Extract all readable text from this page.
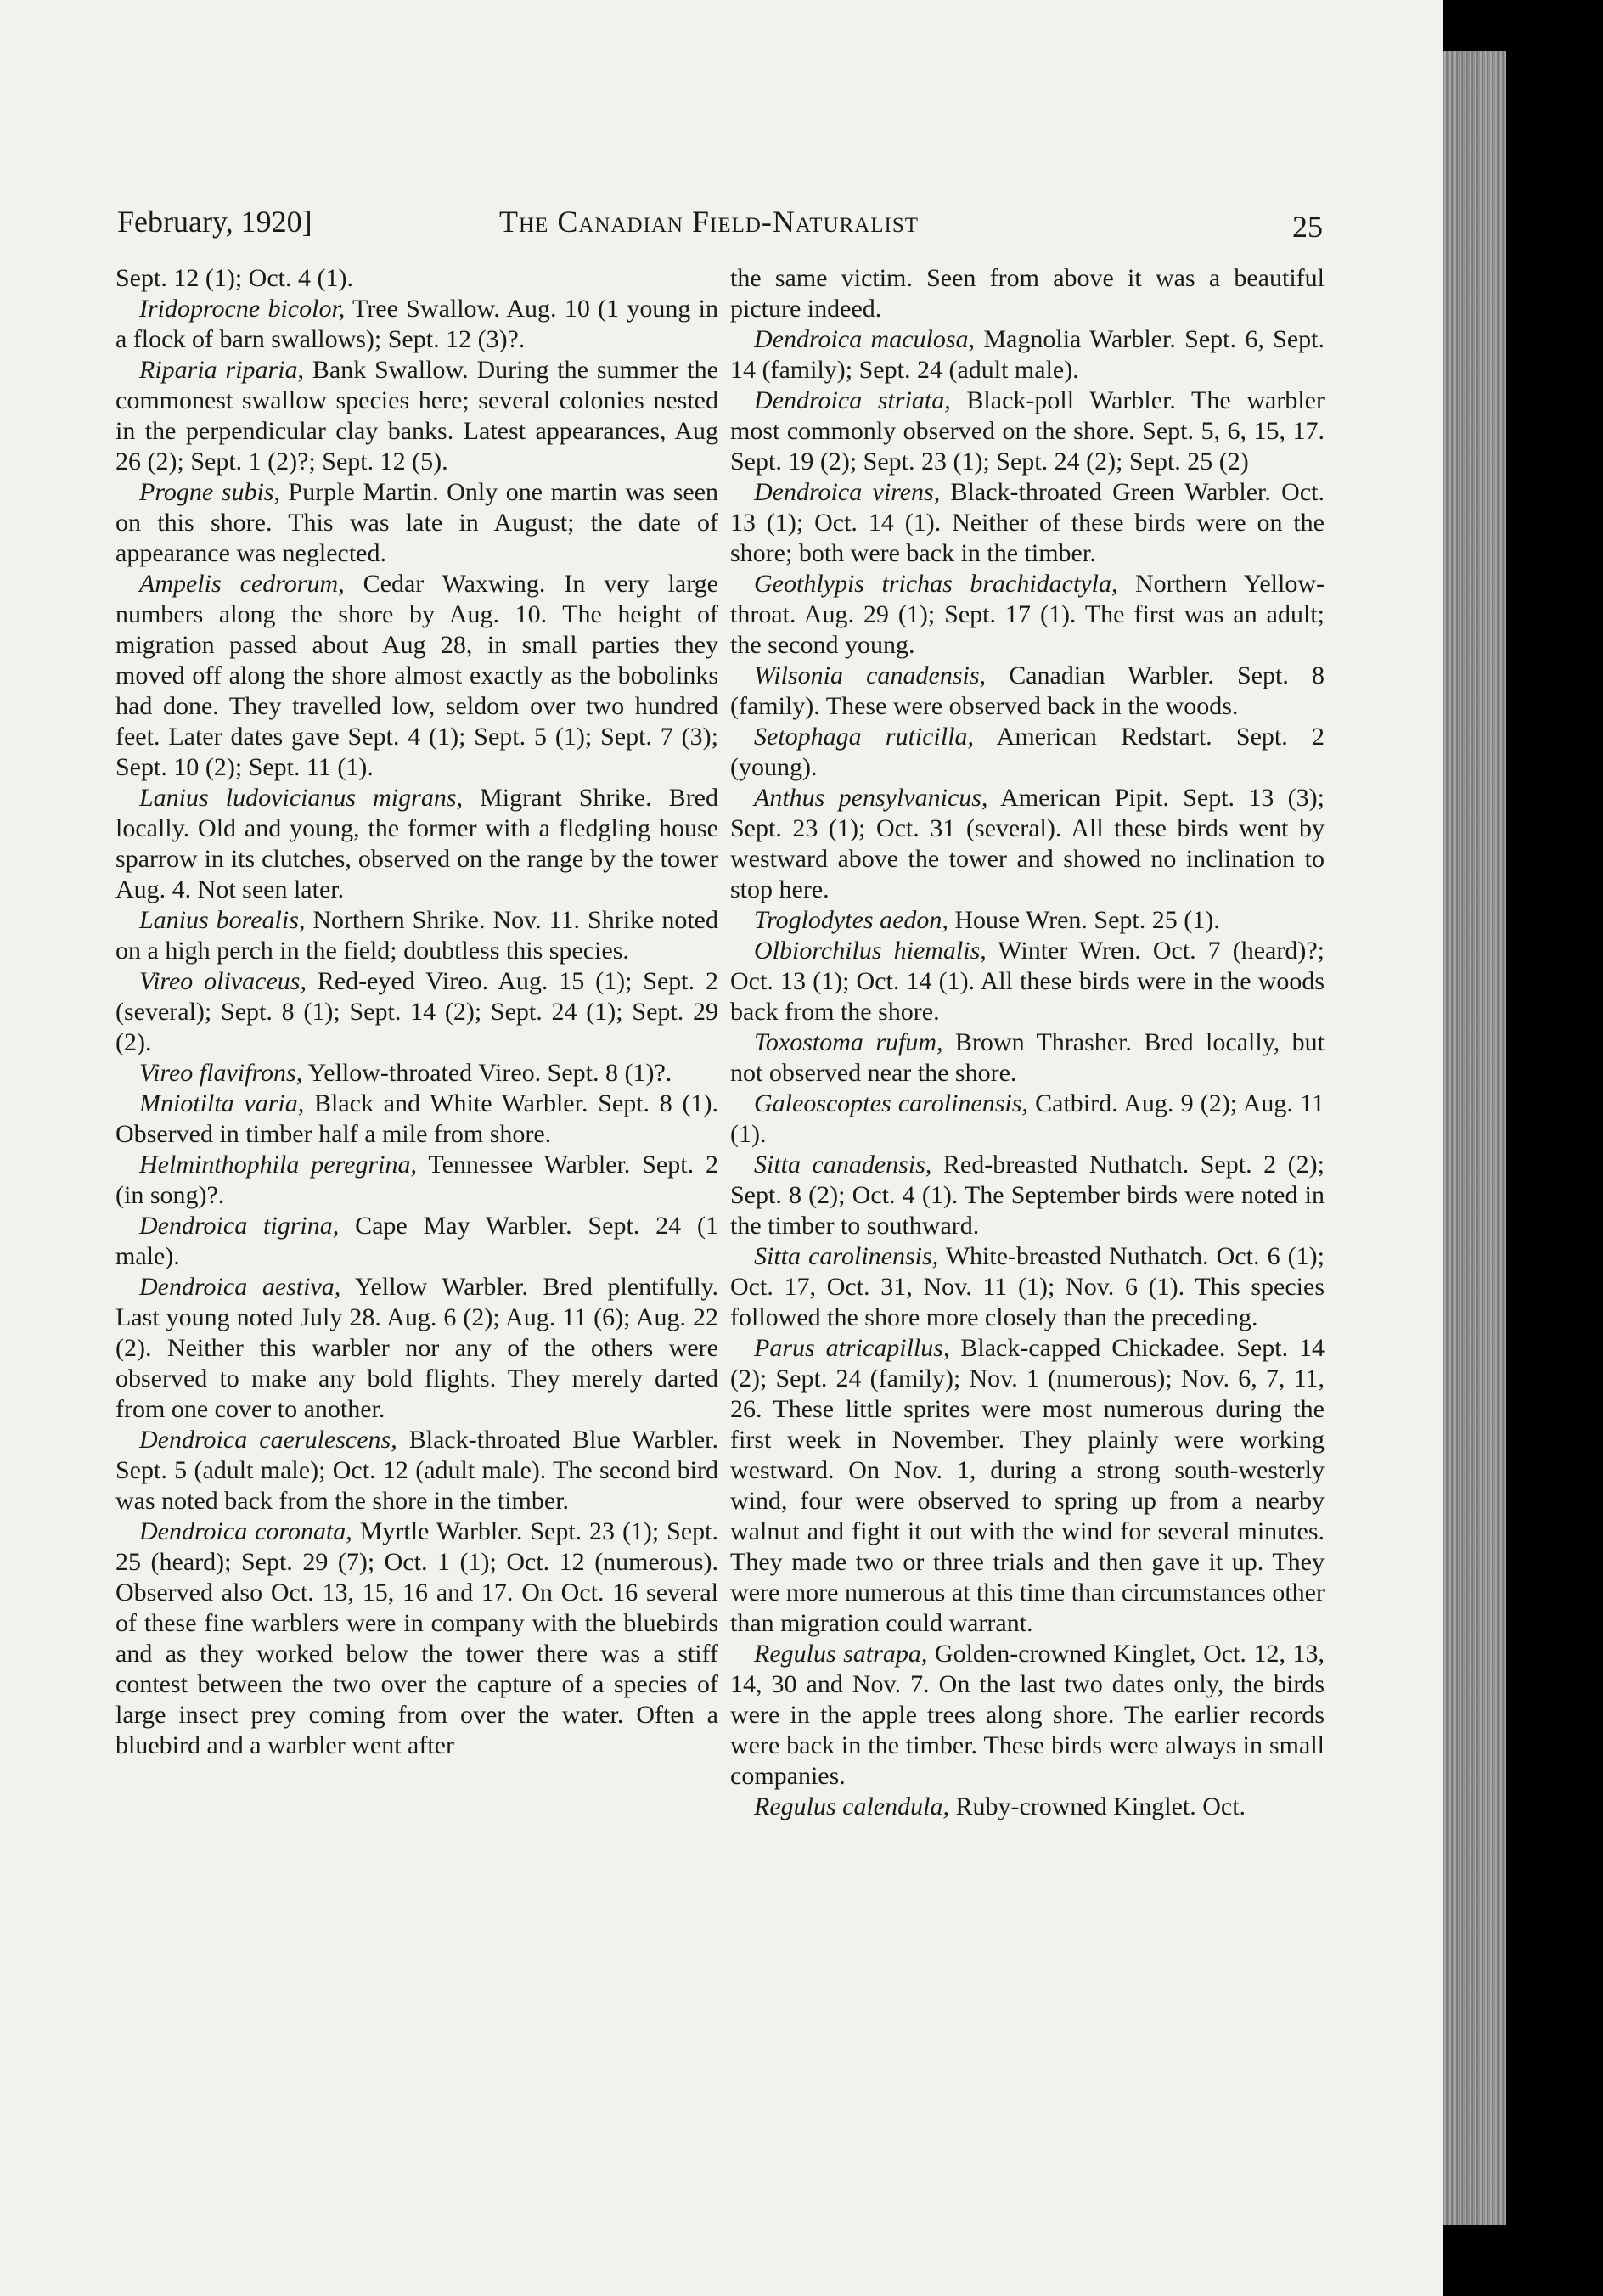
February, 1920]	The Canadian Field-Naturalist	25

Sept. 12 (1); Oct. 4 (1).

Iridoprocne bicolor, Tree Swallow. Aug. 10 (1 young in a flock of barn swallows); Sept. 12 (3)?.

Riparia riparia, Bank Swallow. During the summer the commonest swallow species here; several colonies nested in the perpendicular clay banks. Latest appearances, Aug 26 (2); Sept. 1 (2)?; Sept. 12 (5).

Progne subis, Purple Martin. Only one martin was seen on this shore. This was late in August; the date of appearance was neglected.

Ampelis cedrorum, Cedar Waxwing. In very large numbers along the shore by Aug. 10. The height of migration passed about Aug 28, in small parties they moved off along the shore almost exactly as the bobolinks had done. They travelled low, seldom over two hundred feet. Later dates gave Sept. 4 (1); Sept. 5 (1); Sept. 7 (3); Sept. 10 (2); Sept. 11 (1).

Lanius ludovicianus migrans, Migrant Shrike. Bred locally. Old and young, the former with a fledgling house sparrow in its clutches, observed on the range by the tower Aug. 4. Not seen later.

Lanius borealis, Northern Shrike. Nov. 11. Shrike noted on a high perch in the field; doubtless this species.

Vireo olivaceus, Red-eyed Vireo. Aug. 15 (1); Sept. 2 (several); Sept. 8 (1); Sept. 14 (2); Sept. 24 (1); Sept. 29 (2).

Vireo flavifrons, Yellow-throated Vireo. Sept. 8 (1)?.

Mniotilta varia, Black and White Warbler. Sept. 8 (1). Observed in timber half a mile from shore.

Helminthophila peregrina, Tennessee Warbler. Sept. 2 (in song)?.

Dendroica tigrina, Cape May Warbler. Sept. 24 (1 male).

Dendroica aestiva, Yellow Warbler. Bred plentifully. Last young noted July 28. Aug. 6 (2); Aug. 11 (6); Aug. 22 (2). Neither this warbler nor any of the others were observed to make any bold flights. They merely darted from one cover to another.

Dendroica caerulescens, Black-throated Blue Warbler. Sept. 5 (adult male); Oct. 12 (adult male). The second bird was noted back from the shore in the timber.

Dendroica coronata, Myrtle Warbler. Sept. 23 (1); Sept. 25 (heard); Sept. 29 (7); Oct. 1 (1); Oct. 12 (numerous). Observed also Oct. 13, 15, 16 and 17. On Oct. 16 several of these fine warblers were in company with the bluebirds and as they worked below the tower there was a stiff contest between the two over the capture of a species of large insect prey coming from over the water. Often a bluebird and a warbler went after

the same victim. Seen from above it was a beautiful picture indeed.

Dendroica maculosa, Magnolia Warbler. Sept. 6, Sept. 14 (family); Sept. 24 (adult male).

Dendroica striata, Black-poll Warbler. The warbler most commonly observed on the shore. Sept. 5, 6, 15, 17. Sept. 19 (2); Sept. 23 (1); Sept. 24 (2); Sept. 25 (2)

Dendroica virens, Black-throated Green Warbler. Oct. 13 (1); Oct. 14 (1). Neither of these birds were on the shore; both were back in the timber.

Geothlypis trichas brachidactyla, Northern Yellow-throat. Aug. 29 (1); Sept. 17 (1). The first was an adult; the second young.

Wilsonia canadensis, Canadian Warbler. Sept. 8 (family). These were observed back in the woods.

Setophaga ruticilla, American Redstart. Sept. 2 (young).

Anthus pensylvanicus, American Pipit. Sept. 13 (3); Sept. 23 (1); Oct. 31 (several). All these birds went by westward above the tower and showed no inclination to stop here.

Troglodytes aedon, House Wren. Sept. 25 (1).

Olbiorchilus hiemalis, Winter Wren. Oct. 7 (heard)?; Oct. 13 (1); Oct. 14 (1). All these birds were in the woods back from the shore.

Toxostoma rufum, Brown Thrasher. Bred locally, but not observed near the shore.

Galeoscoptes carolinensis, Catbird. Aug. 9 (2); Aug. 11 (1).

Sitta canadensis, Red-breasted Nuthatch. Sept. 2 (2); Sept. 8 (2); Oct. 4 (1). The September birds were noted in the timber to southward.

Sitta carolinensis, White-breasted Nuthatch. Oct. 6 (1); Oct. 17, Oct. 31, Nov. 11 (1); Nov. 6 (1). This species followed the shore more closely than the preceding.

Parus atricapillus, Black-capped Chickadee. Sept. 14 (2); Sept. 24 (family); Nov. 1 (numerous); Nov. 6, 7, 11, 26. These little sprites were most numerous during the first week in November. They plainly were working westward. On Nov. 1, during a strong south-westerly wind, four were observed to spring up from a nearby walnut and fight it out with the wind for several minutes. They made two or three trials and then gave it up. They were more numerous at this time than circumstances other than migration could warrant.

Regulus satrapa, Golden-crowned Kinglet, Oct. 12, 13, 14, 30 and Nov. 7. On the last two dates only, the birds were in the apple trees along shore. The earlier records were back in the timber. These birds were always in small companies.

Regulus calendula, Ruby-crowned Kinglet. Oct.
